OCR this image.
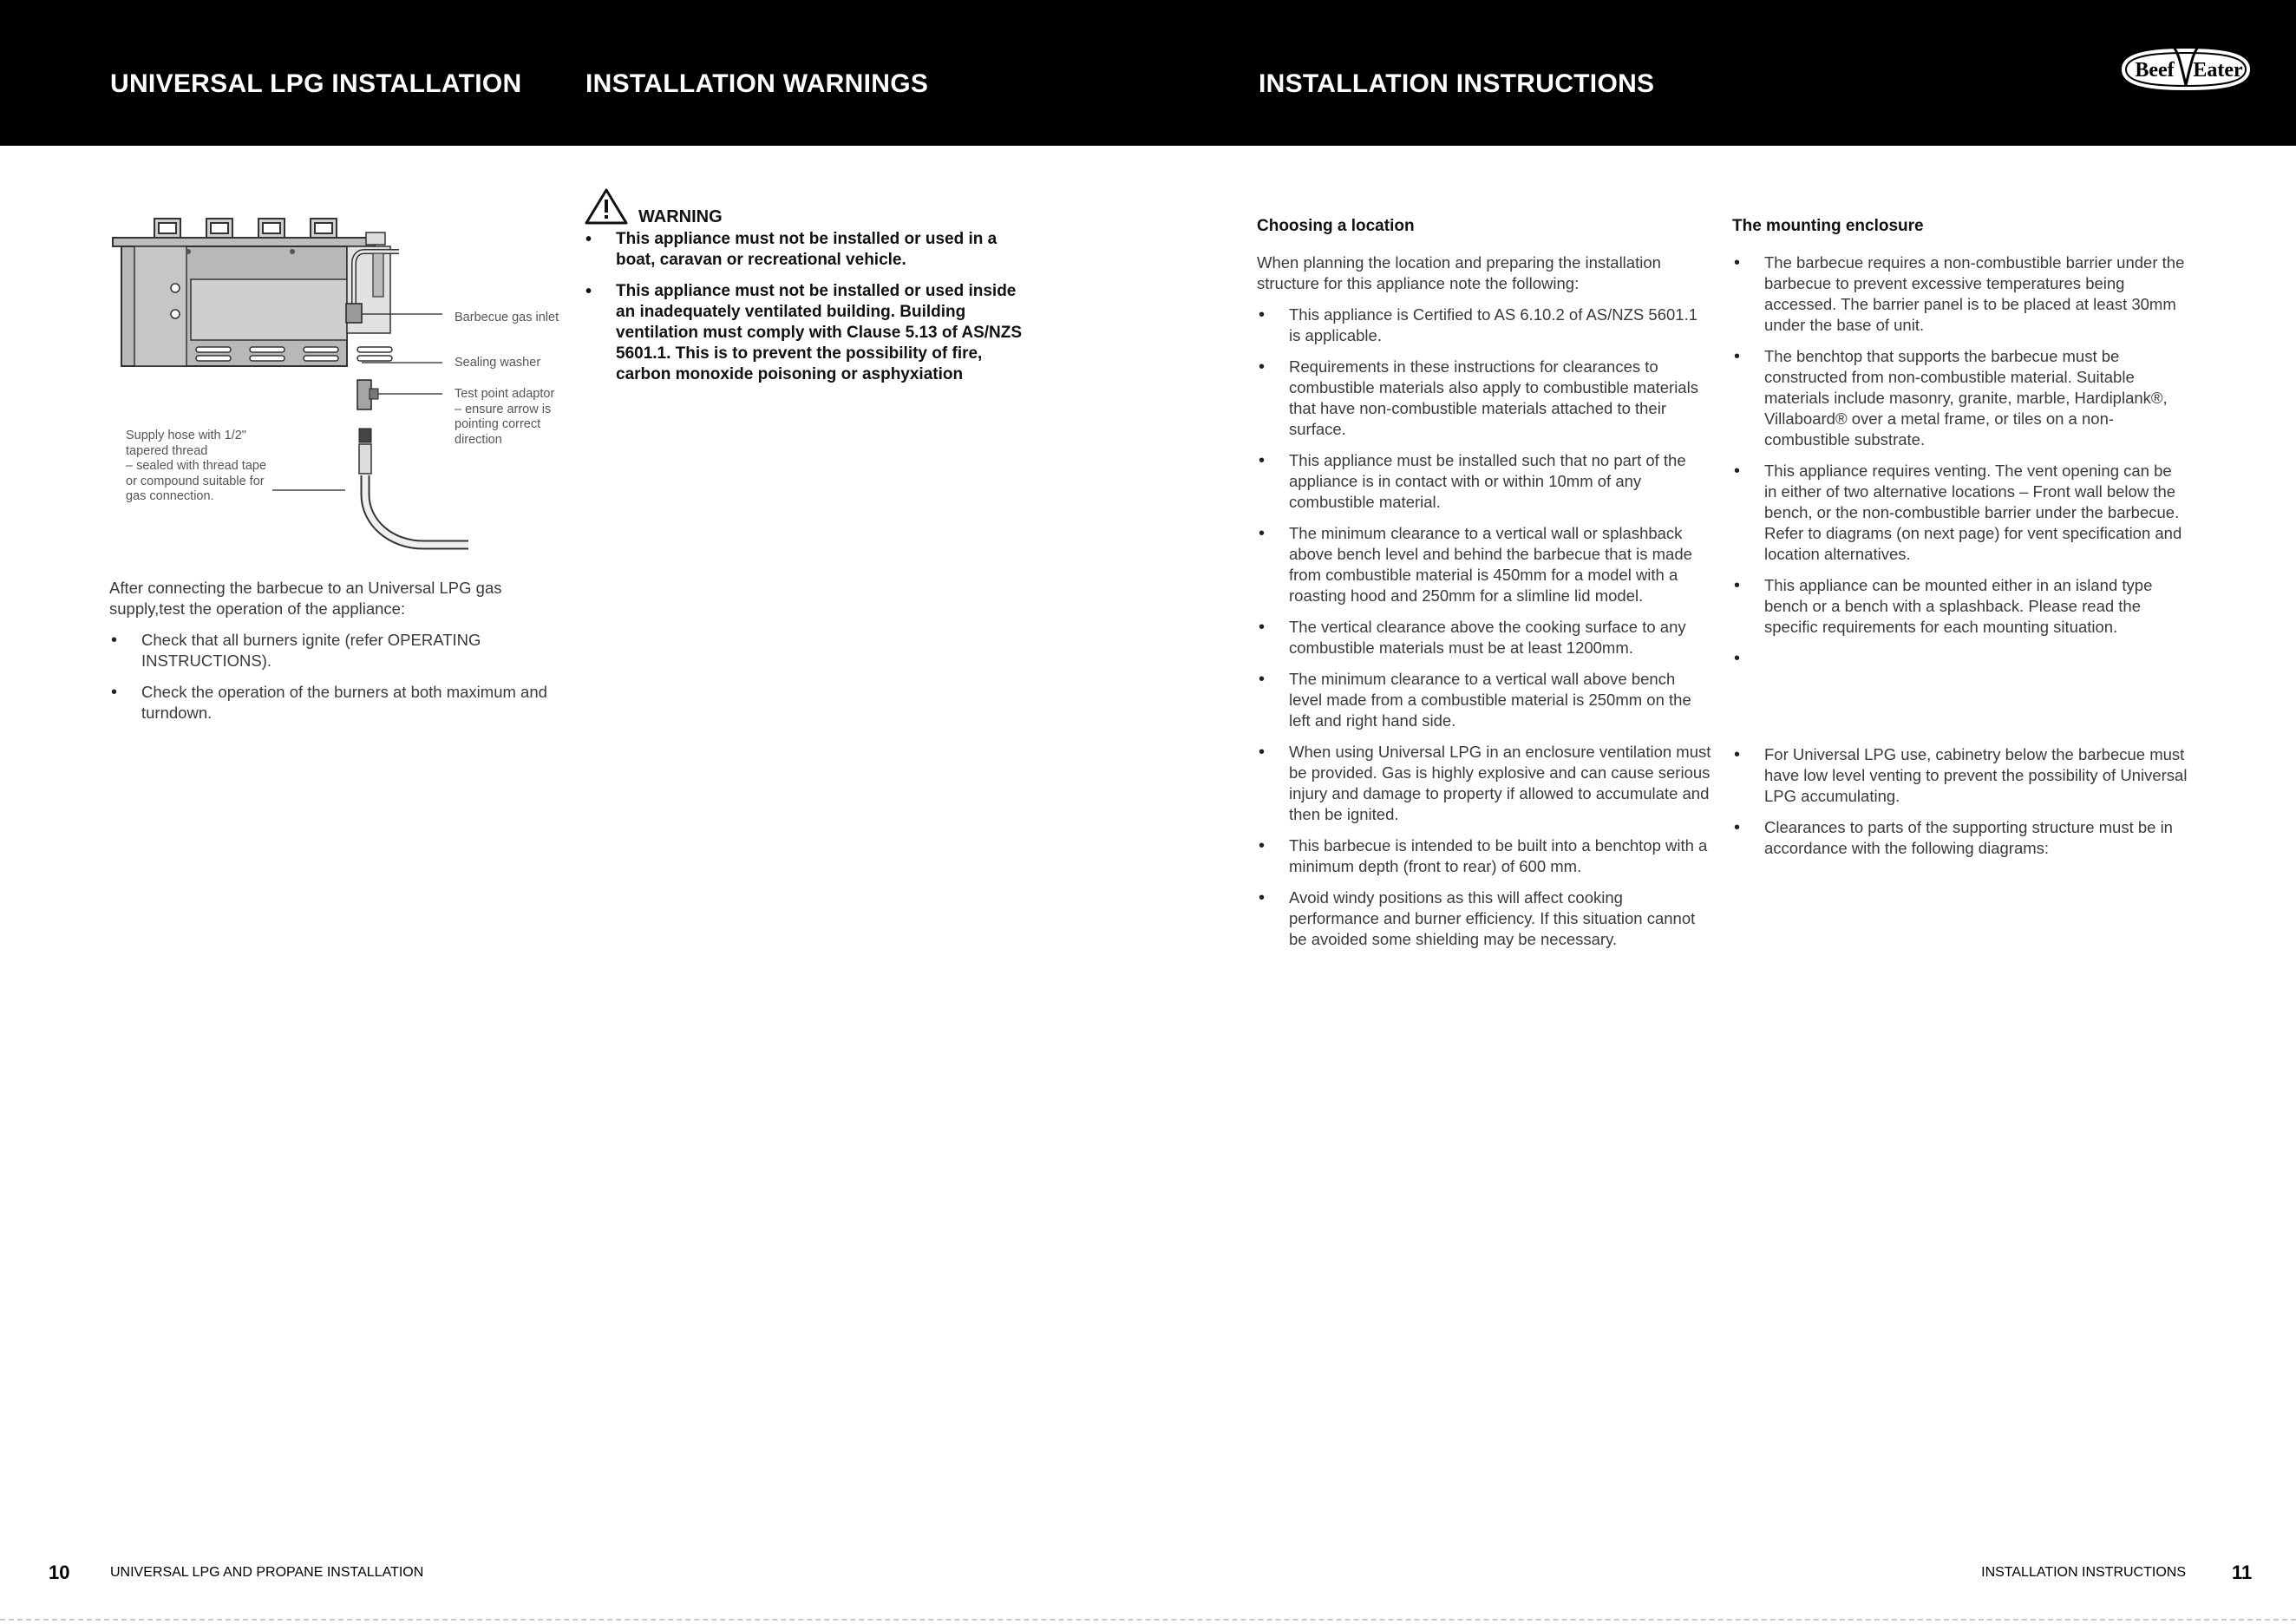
UNIVERSAL LPG INSTALLATION INSTALLATION WARNINGS	INSTALLATION INSTRUCTIONS	Beef Eater

Barbecue gas inlet

Sealing washer

Test point adaptor
– ensure arrow is
pointing correct
direction
Supply hose with 1/2"
tapered thread
– sealed with thread tape
or compound suitable for
gas connection.

After connecting the barbecue to an Universal LPG gas supply,test the operation of the appliance:

• Check that all burners ignite (refer OPERATING INSTRUCTIONS).
• Check the operation of the burners at both maximum and turndown.
WARNING
• This appliance must not be installed or used in a boat, caravan or recreational vehicle.
• This appliance must not be installed or used inside an inadequately ventilated building. Building ventilation must comply with Clause 5.13 of AS/NZS 5601.1. This is to prevent the possibility of fire, carbon monoxide poisoning or asphyxiation

Choosing a location

When planning the location and preparing the installation structure for this appliance note the following:

• This appliance is Certified to AS 6.10.2 of AS/NZS 5601.1 is applicable.
• Requirements in these instructions for clearances to combustible materials also apply to combustible materials that have non-combustible materials attached to their surface.
• This appliance must be installed such that no part of the appliance is in contact with or within 10mm of any combustible material.
• The minimum clearance to a vertical wall or splashback above bench level and behind the barbecue that is made from combustible material is 450mm for a model with a roasting hood and 250mm for a slimline lid model.
• The vertical clearance above the cooking surface to any combustible materials must be at least 1200mm.
• The minimum clearance to a vertical wall above bench level made from a combustible material is 250mm on the left and right hand side.
• When using Universal LPG in an enclosure ventilation must be provided. Gas is highly explosive and can cause serious injury and damage to property if allowed to accumulate and then be ignited.
• This barbecue is intended to be built into a benchtop with a minimum depth (front to rear) of 600 mm.
• Avoid windy positions as this will affect cooking performance and burner efficiency. If this situation cannot be avoided some shielding may be necessary.

The mounting enclosure

• The barbecue requires a non-combustible barrier under the barbecue to prevent excessive temperatures being accessed. The barrier panel is to be placed at least 30mm under the base of unit.
• The benchtop that supports the barbecue must be constructed from non-combustible material. Suitable materials include masonry, granite, marble, Hardiplank®, Villaboard® over a metal frame, or tiles on a non-combustible substrate.
• This appliance requires venting. The vent opening can be in either of two alternative locations – Front wall below the bench, or the non-combustible barrier under the barbecue. Refer to diagrams (on next page) for vent specification and location alternatives.
• This appliance can be mounted either in an island type bench or a bench with a splashback. Please read the specific requirements for each mounting situation.
•
• For Universal LPG use, cabinetry below the barbecue must have low level venting to prevent the possibility of Universal LPG accumulating.
• Clearances to parts of the supporting structure must be in accordance with the following diagrams:
10	UNIVERSAL LPG AND PROPANE INSTALLATION	INSTALLATION INSTRUCTIONS 11
